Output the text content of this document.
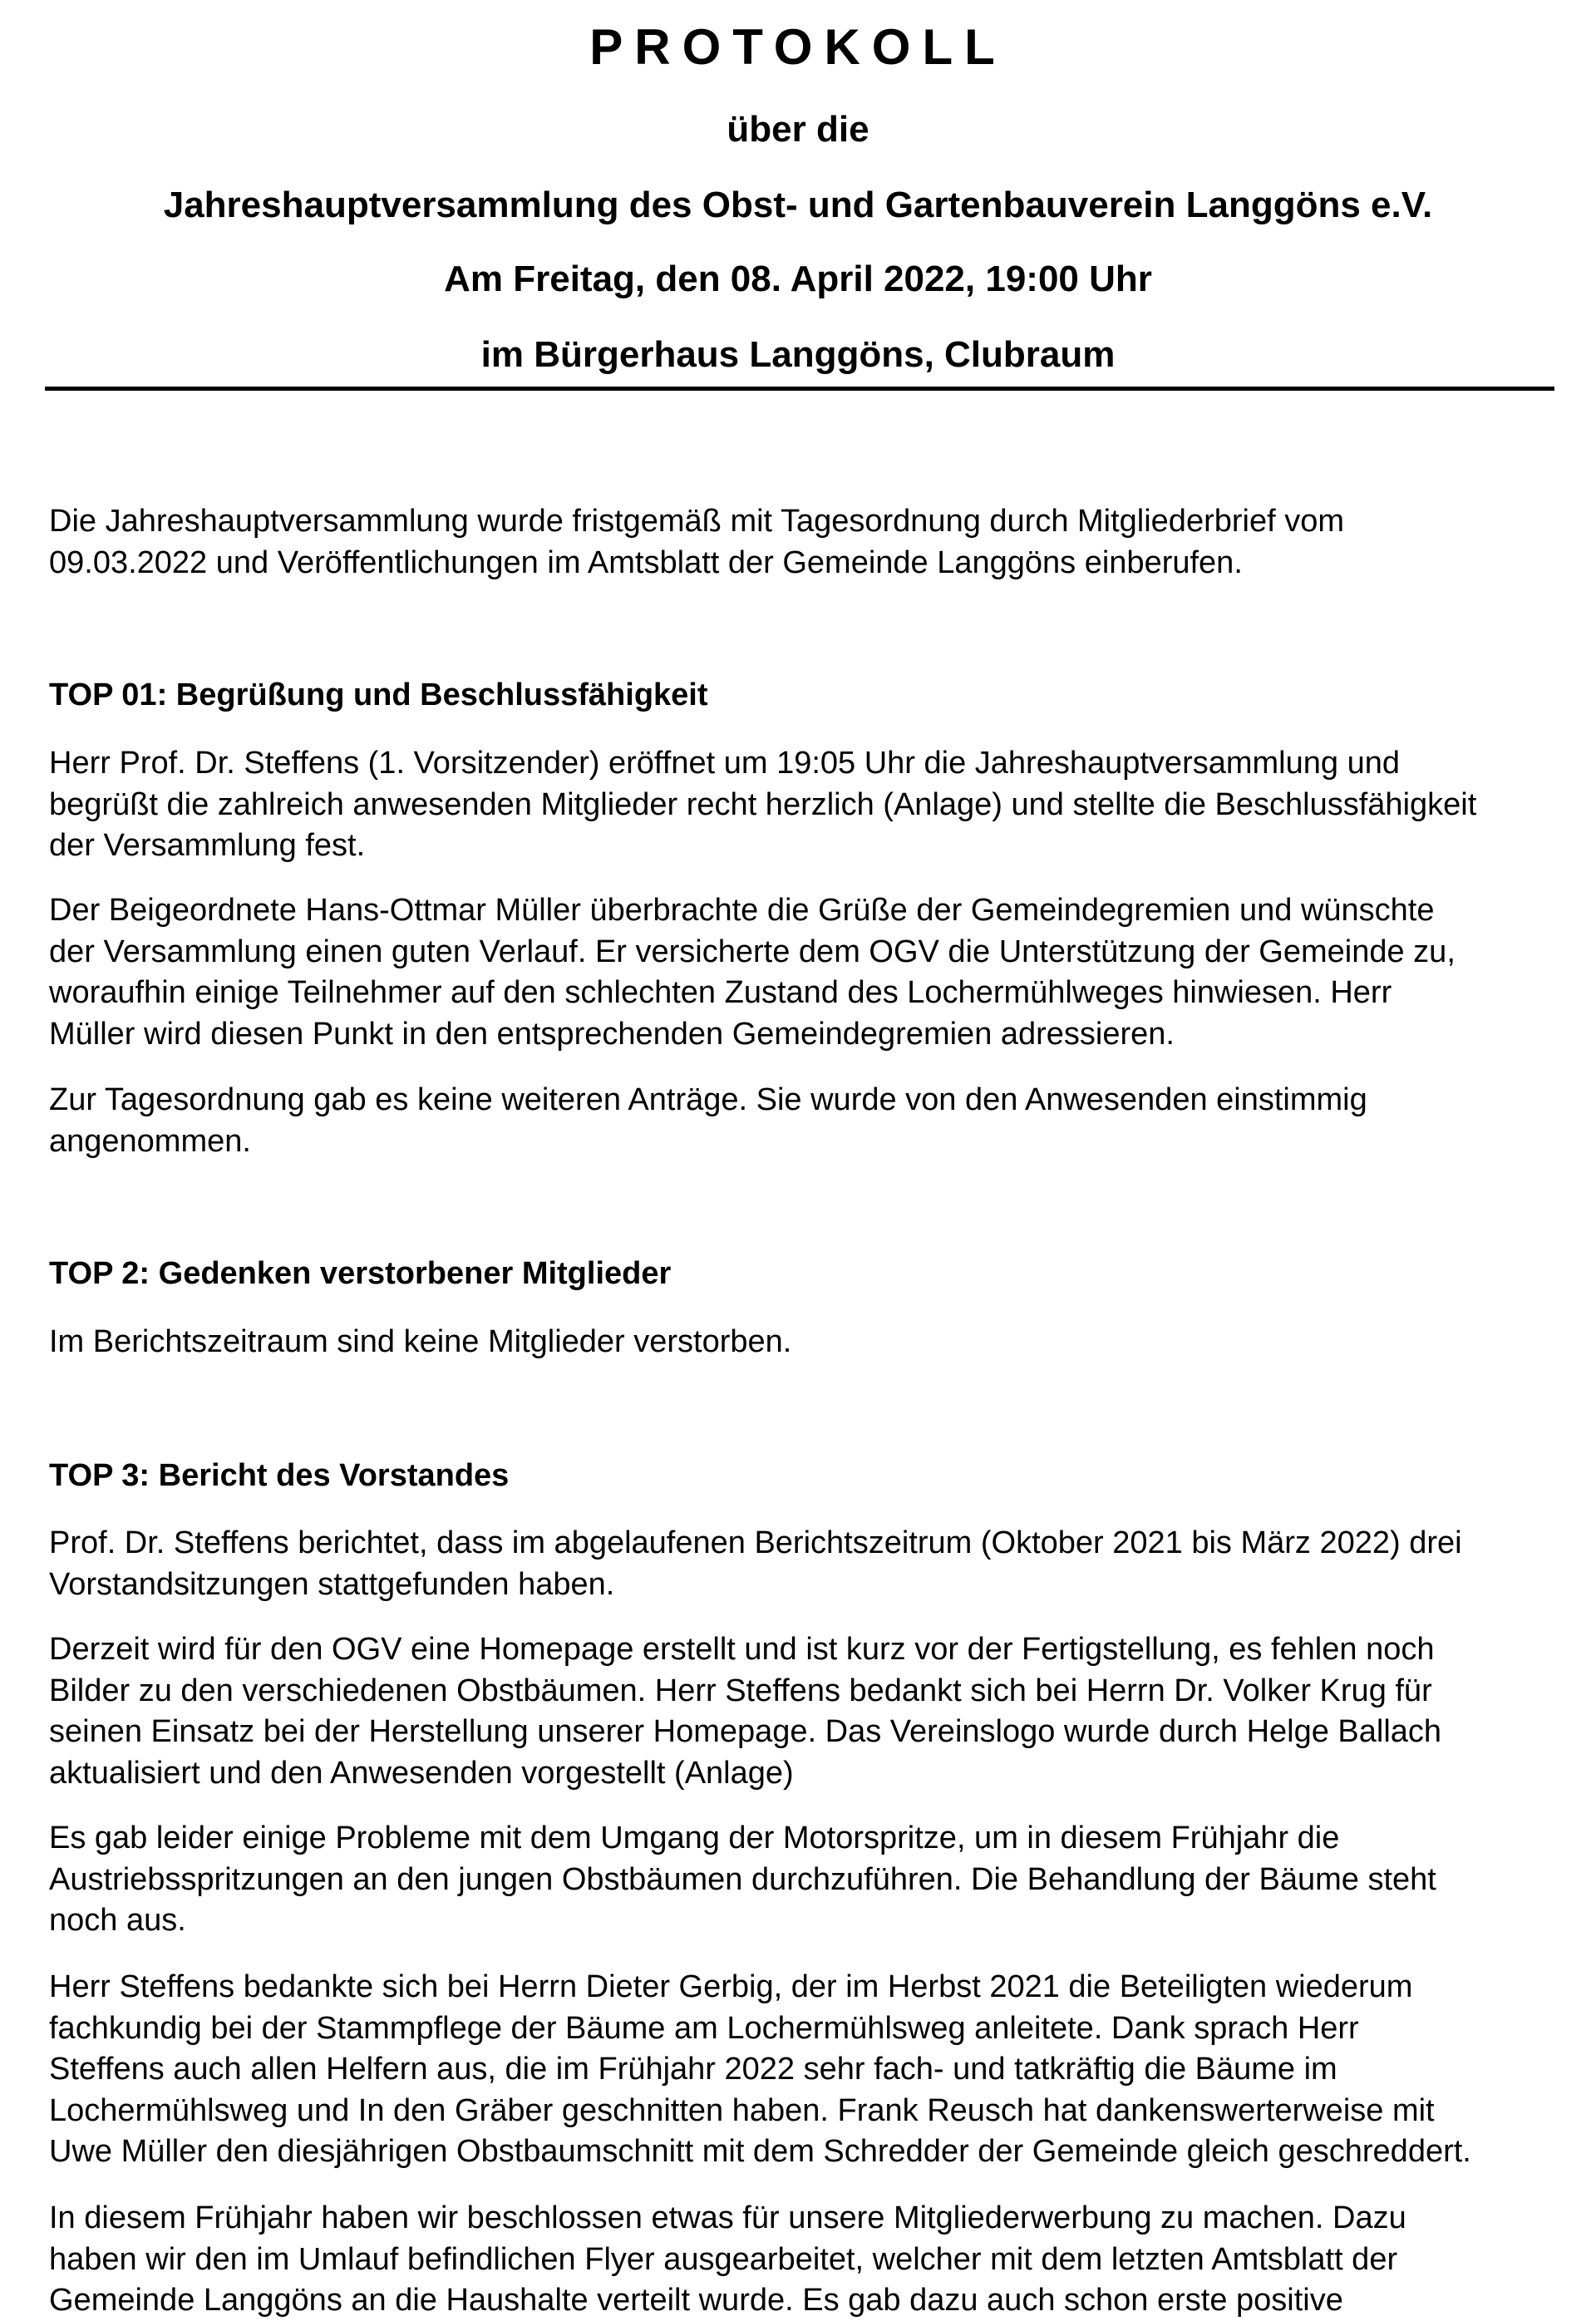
PROTOKOLL
über die
Jahreshauptversammlung des Obst- und Gartenbauverein Langgöns e.V.
Am Freitag, den 08. April 2022, 19:00 Uhr
im Bürgerhaus Langgöns, Clubraum
Die Jahreshauptversammlung wurde fristgemäß mit Tagesordnung durch Mitgliederbrief vom
09.03.2022 und Veröffentlichungen im Amtsblatt der Gemeinde Langgöns einberufen.
TOP 01: Begrüßung und Beschlussfähigkeit
Herr Prof. Dr. Steffens (1. Vorsitzender) eröffnet um 19:05 Uhr die Jahreshauptversammlung und
begrüßt die zahlreich anwesenden Mitglieder recht herzlich (Anlage) und stellte die Beschlussfähigkeit
der Versammlung fest.
Der Beigeordnete Hans-Ottmar Müller überbrachte die Grüße der Gemeindegremien und wünschte
der Versammlung einen guten Verlauf. Er versicherte dem OGV die Unterstützung der Gemeinde zu,
woraufhin einige Teilnehmer auf den schlechten Zustand des Lochermühlweges hinwiesen. Herr
Müller wird diesen Punkt in den entsprechenden Gemeindegremien adressieren.
Zur Tagesordnung gab es keine weiteren Anträge. Sie wurde von den Anwesenden einstimmig
angenommen.
TOP 2: Gedenken verstorbener Mitglieder
Im Berichtszeitraum sind keine Mitglieder verstorben.
TOP 3: Bericht des Vorstandes
Prof. Dr. Steffens berichtet, dass im abgelaufenen Berichtszeitrum (Oktober 2021 bis März 2022) drei
Vorstandsitzungen stattgefunden haben.
Derzeit wird für den OGV eine Homepage erstellt und ist kurz vor der Fertigstellung, es fehlen noch
Bilder zu den verschiedenen Obstbäumen. Herr Steffens bedankt sich bei Herrn Dr. Volker Krug für
seinen Einsatz bei der Herstellung unserer Homepage. Das Vereinslogo wurde durch Helge Ballach
aktualisiert und den Anwesenden vorgestellt (Anlage)
Es gab leider einige Probleme mit dem Umgang der Motorspritze, um in diesem Frühjahr die
Austriebsspritzungen an den jungen Obstbäumen durchzuführen. Die Behandlung der Bäume steht
noch aus.
Herr Steffens bedankte sich bei Herrn Dieter Gerbig, der im Herbst 2021 die Beteiligten wiederum
fachkundig bei der Stammpflege der Bäume am Lochermühlsweg anleitete. Dank sprach Herr
Steffens auch allen Helfern aus, die im Frühjahr 2022 sehr fach- und tatkräftig die Bäume im
Lochermühlsweg und In den Gräber geschnitten haben. Frank Reusch hat dankenswerterweise mit
Uwe Müller den diesjährigen Obstbaumschnitt mit dem Schredder der Gemeinde gleich geschreddert.
In diesem Frühjahr haben wir beschlossen etwas für unsere Mitgliederwerbung zu machen. Dazu
haben wir den im Umlauf befindlichen Flyer ausgearbeitet, welcher mit dem letzten Amtsblatt der
Gemeinde Langgöns an die Haushalte verteilt wurde. Es gab dazu auch schon erste positive
